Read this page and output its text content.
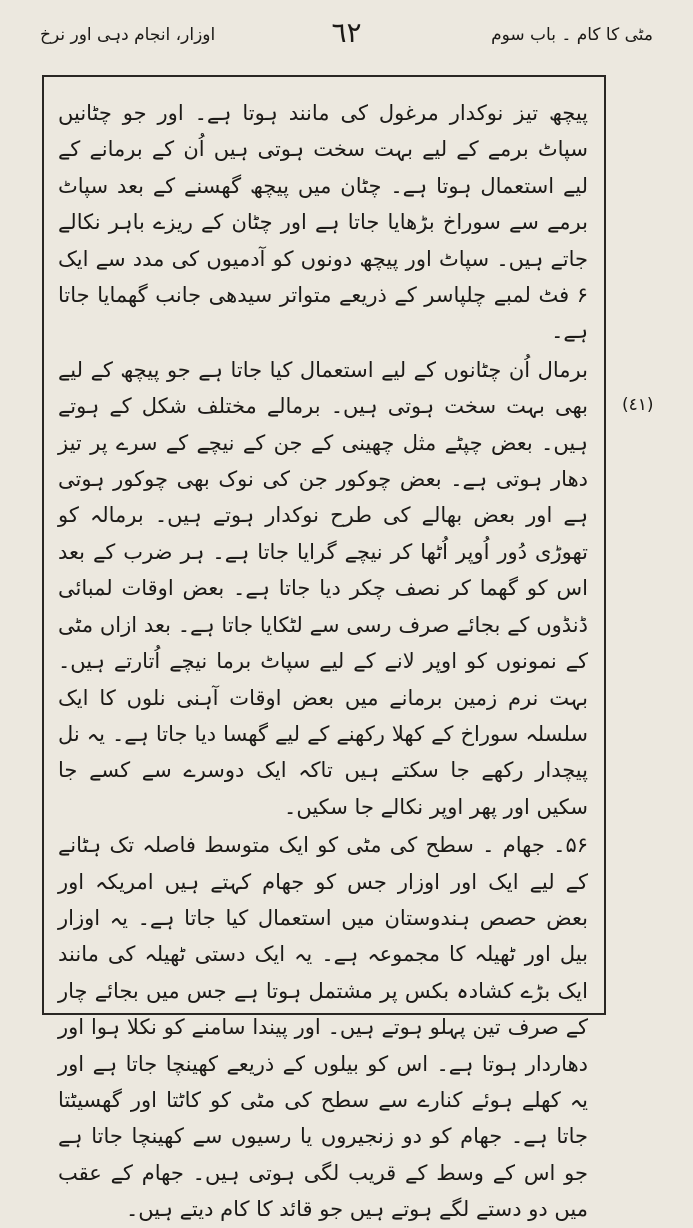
اوزار، انجام دہی اور نرخ	٦٢	مٹی کا کام ۔ باب سوم

پیچھ تیز نوکدار مرغول کی مانند ہوتا ہے۔ اور جو چٹانیں سپاٹ برمے کے لیے بہت سخت ہوتی ہیں اُن کے برمانے کے لیے استعمال ہوتا ہے۔ چٹان میں پیچھ گھسنے کے بعد سپاٹ برمے سے سوراخ بڑھایا جاتا ہے اور چٹان کے ریزے باہر نکالے جاتے ہیں۔ سپاٹ اور پیچھ دونوں کو آدمیوں کی مدد سے ایک ۶ فٹ لمبے چلپاسر کے ذریعے متواتر سیدھی جانب گھمایا جاتا ہے۔

برمال اُن چٹانوں کے لیے استعمال کیا جاتا ہے جو پیچھ کے لیے بھی بہت سخت ہوتی ہیں۔ برمالے مختلف شکل کے ہوتے ہیں۔ بعض چپٹے مثل چھینی کے جن کے نیچے کے سرے پر تیز دھار ہوتی ہے۔ بعض چوکور جن کی نوک بھی چوکور ہوتی ہے اور بعض بھالے کی طرح نوکدار ہوتے ہیں۔ برمالہ کو تھوڑی دُور اُوپر اُٹھا کر نیچے گرایا جاتا ہے۔ ہر ضرب کے بعد اس کو گھما کر نصف چکر دیا جاتا ہے۔ بعض اوقات لمبائی ڈنڈوں کے بجائے صرف رسی سے لٹکایا جاتا ہے۔ بعد ازاں مٹی کے نمونوں کو اوپر لانے کے لیے سپاٹ برما نیچے اُتارتے ہیں۔ بہت نرم زمین برمانے میں بعض اوقات آہنی نلوں کا ایک سلسلہ سوراخ کے کھلا رکھنے کے لیے گھسا دیا جاتا ہے۔ یہ نل پیچدار رکھے جا سکتے ہیں تاکہ ایک دوسرے سے کسے جا سکیں اور پھر اوپر نکالے جا سکیں۔

۵۶۔ جھام ۔ سطح کی مٹی کو ایک متوسط فاصلہ تک ہٹانے کے لیے ایک اور اوزار جس کو جھام کہتے ہیں امریکہ اور بعض حصص ہندوستان میں استعمال کیا جاتا ہے۔ یہ اوزار بیل اور ٹھیلہ کا مجموعہ ہے۔ یہ ایک دستی ٹھیلہ کی مانند ایک بڑے کشادہ بکس پر مشتمل ہوتا ہے جس میں بجائے چار کے صرف تین پہلو ہوتے ہیں۔ اور پیندا سامنے کو نکلا ہوا اور دھاردار ہوتا ہے۔ اس کو بیلوں کے ذریعے کھینچا جاتا ہے اور یہ کھلے ہوئے کنارے سے سطح کی مٹی کو کاٹتا اور گھسیٹتا جاتا ہے۔ جھام کو دو زنجیروں یا رسیوں سے کھینچا جاتا ہے جو اس کے وسط کے قریب لگی ہوتی ہیں۔ جھام کے عقب میں دو دستے لگے ہوتے ہیں جو قائد کا کام دیتے ہیں۔

(٤١)
